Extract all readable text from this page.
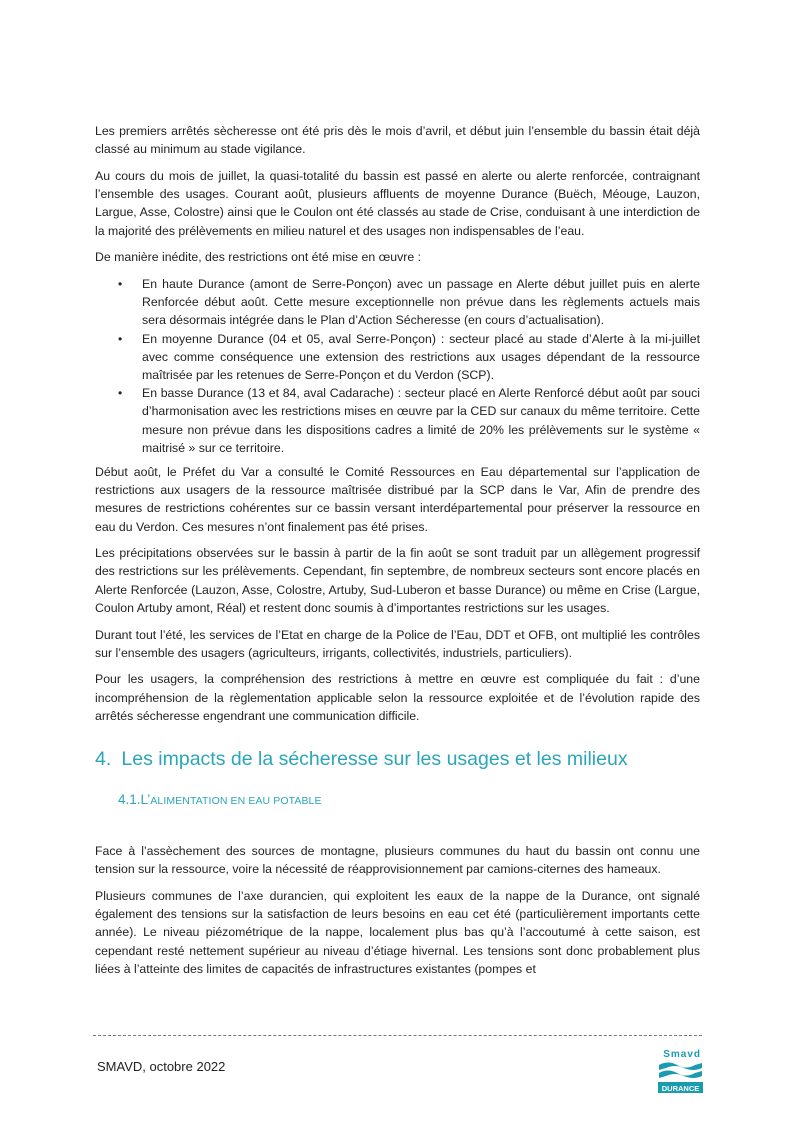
Les premiers arrêtés sècheresse ont été pris dès le mois d’avril, et début juin l’ensemble du bassin était déjà classé au minimum au stade vigilance.

Au cours du mois de juillet, la quasi-totalité du bassin est passé en alerte ou alerte renforcée, contraignant l’ensemble des usages. Courant août, plusieurs affluents de moyenne Durance (Buëch, Méouge, Lauzon, Largue, Asse, Colostre) ainsi que le Coulon ont été classés au stade de Crise, conduisant à une interdiction de la majorité des prélèvements en milieu naturel et des usages non indispensables de l’eau.

De manière inédite, des restrictions ont été mise en œuvre :

• En haute Durance (amont de Serre-Ponçon) avec un passage en Alerte début juillet puis en alerte Renforcée début août. Cette mesure exceptionnelle non prévue dans les règlements actuels mais sera désormais intégrée dans le Plan d’Action Sécheresse (en cours d’actualisation).
• En moyenne Durance (04 et 05, aval Serre-Ponçon) : secteur placé au stade d’Alerte à la mi-juillet avec comme conséquence une extension des restrictions aux usages dépendant de la ressource maîtrisée par les retenues de Serre-Ponçon et du Verdon (SCP).
• En basse Durance (13 et 84, aval Cadarache) : secteur placé en Alerte Renforcé début août par souci d’harmonisation avec les restrictions mises en œuvre par la CED sur canaux du même territoire. Cette mesure non prévue dans les dispositions cadres a limité de 20% les prélèvements sur le système « maitrisé » sur ce territoire.

Début août, le Préfet du Var a consulté le Comité Ressources en Eau départemental sur l’application de restrictions aux usagers de la ressource maîtrisée distribué par la SCP dans le Var, Afin de prendre des mesures de restrictions cohérentes sur ce bassin versant interdépartemental pour préserver la ressource en eau du Verdon. Ces mesures n’ont finalement pas été prises.

Les précipitations observées sur le bassin à partir de la fin août se sont traduit par un allègement progressif des restrictions sur les prélèvements. Cependant, fin septembre, de nombreux secteurs sont encore placés en Alerte Renforcée (Lauzon, Asse, Colostre, Artuby, Sud-Luberon et basse Durance) ou même en Crise (Largue, Coulon Artuby amont, Réal) et restent donc soumis à d’importantes restrictions sur les usages.

Durant tout l’été, les services de l’Etat en charge de la Police de l’Eau, DDT et OFB, ont multiplié les contrôles sur l’ensemble des usagers (agriculteurs, irrigants, collectivités, industriels, particuliers).

Pour les usagers, la compréhension des restrictions à mettre en œuvre est compliquée du fait : d’une incompréhension de la règlementation applicable selon la ressource exploitée et de l’évolution rapide des arrêtés sécheresse engendrant une communication difficile.

4. Les impacts de la sécheresse sur les usages et les milieux
4.1.L’ALIMENTATION EN EAU POTABLE

Face à l’assèchement des sources de montagne, plusieurs communes du haut du bassin ont connu une tension sur la ressource, voire la nécessité de réapprovisionnement par camions-citernes des hameaux.

Plusieurs communes de l’axe durancien, qui exploitent les eaux de la nappe de la Durance, ont signalé également des tensions sur la satisfaction de leurs besoins en eau cet été (particulièrement importants cette année). Le niveau piézométrique de la nappe, localement plus bas qu’à l’accoutumé à cette saison, est cependant resté nettement supérieur au niveau d’étiage hivernal. Les tensions sont donc probablement plus liées à l’atteinte des limites de capacités de infrastructures existantes (pompes et

SMAVD, octobre 2022
Smavd
DURANCE
